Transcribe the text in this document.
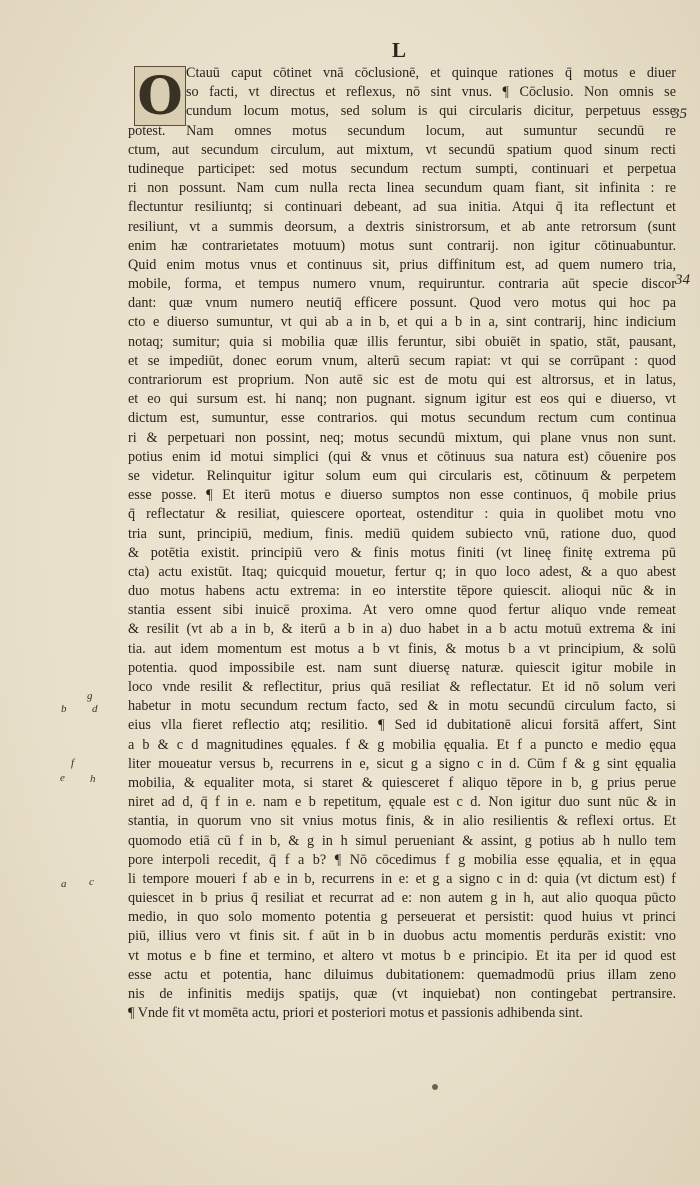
L
35
34
O Ctauū caput cōtinet vnā cōclusionē, et quinque rationes q̄ motus e diuer
so facti, vt directus et reflexus, nō sint vnus. ¶ Cōclusio. Non omnis se
cundum locum motus, sed solum is qui circularis dicitur, perpetuus esse
potest. Nam omnes motus secundum locum, aut sumuntur secundū re
ctum, aut secundum circulum, aut mixtum, vt secundū spatium quod sinum recti
tudineque participet: sed motus secundum rectum sumpti, continuari et perpetua
ri non possunt. Nam cum nulla recta linea secundum quam fiant, sit infinita : re
flectuntur resiliuntq; si continuari debeant, ad sua initia. Atqui q̄ ita reflectunt et
resiliunt, vt a summis deorsum, a dextris sinistrorsum, et ab ante retrorsum (sunt
enim hæ contrarietates motuum) motus sunt contrarij. non igitur cōtinuabuntur.
Quid enim motus vnus et continuus sit, prius diffinitum est, ad quem numero tria,
mobile, forma, et tempus numero vnum, requiruntur. contraria aūt specie discor
dant: quæ vnum numero neutiq̄ efficere possunt. Quod vero motus qui hoc pa
cto e diuerso sumuntur, vt qui ab a in b, et qui a b in a, sint contrarij, hinc indicium
notaq; sumitur; quia si mobilia quæ illis feruntur, sibi obuiēt in spatio, stāt, pausant,
et se impediūt, donec eorum vnum, alterū secum rapiat: vt qui se corrūpant : quod
contrariorum est proprium. Non autē sic est de motu qui est altrorsus, et in latus,
et eo qui sursum est. hi nanq; non pugnant. signum igitur est eos qui e diuerso, vt
dictum est, sumuntur, esse contrarios. qui motus secundum rectum cum continua
ri & perpetuari non possint, neq; motus secundū mixtum, qui plane vnus non sunt.
potius enim id motui simplici (qui & vnus et cōtinuus sua natura est) cōuenire pos
se videtur. Relinquitur igitur solum eum qui circularis est, cōtinuum & perpetem
esse posse. ¶ Et iterū motus e diuerso sumptos non esse continuos, q̄ mobile prius
q̄ reflectatur & resiliat, quiescere oporteat, ostenditur : quia in quolibet motu vno
tria sunt, principiū, medium, finis. mediū quidem subiecto vnū, ratione duo, quod
& potētia existit. principiū vero & finis motus finiti (vt lineę finitę extrema pū
cta) actu existūt. Itaq; quicquid mouetur, fertur q; in quo loco adest, & a quo abest
duo motus habens actu extrema: in eo interstite tēpore quiescit. alioqui nūc & in
stantia essent sibi inuicē proxima. At vero omne quod fertur aliquo vnde remeat
& resilit (vt ab a in b, & iterū a b in a) duo habet in a b actu motuū extrema & ini
tia. aut idem momentum est motus a b vt finis, & motus b a vt principium, & solū
potentia. quod impossibile est. nam sunt diuersę naturæ. quiescit igitur mobile in
loco vnde resilit & reflectitur, prius quā resiliat & reflectatur. Et id nō solum veri
habetur in motu secundum rectum facto, sed & in motu secundū circulum facto, si
eius vlla fieret reflectio atq; resilitio. ¶ Sed id dubitationē alicui forsitā affert, Sint
a b & c d magnitudines ęquales. f & g mobilia ęqualia. Et f a puncto e medio ęqua
liter moueatur versus b, recurrens in e, sicut g a signo c in d. Cūm f & g sint ęqualia
mobilia, & equaliter mota, si staret & quiesceret f aliquo tēpore in b, g prius perue
niret ad d, q̄ f in e. nam e b repetitum, ęquale est c d. Non igitur duo sunt nūc & in
stantia, in quorum vno sit vnius motus finis, & in alio resilientis & reflexi ortus. Et
quomodo etiā cū f in b, & g in h simul perueniant & assint, g potius ab h nullo tem
pore interpoli recedit, q̄ f a b? ¶ Nō cōcedimus f g mobilia esse ęqualia, et in ęqua
li tempore moueri f ab e in b, recurrens in e: et g a signo c in d: quia (vt dictum est) f
quiescet in b prius q̄ resiliat et recurrat ad e: non autem g in h, aut alio quoqua pūcto
medio, in quo solo momento potentia g perseuerat et persistit: quod huius vt princi
piū, illius vero vt finis sit. f aūt in b in duobus actu momentis perdurās existit: vno
vt motus e b fine et termino, et altero vt motus b e principio. Et ita per id quod est
esse actu et potentia, hanc diluimus dubitationem: quemadmodū prius illam zeno
nis de infinitis medijs spatijs, quæ (vt inquiebat) non contingebat pertransire.
¶ Vnde fit vt momēta actu, priori et posteriori motus et passionis adhibenda sint.
g
b d
f
e h
a c
